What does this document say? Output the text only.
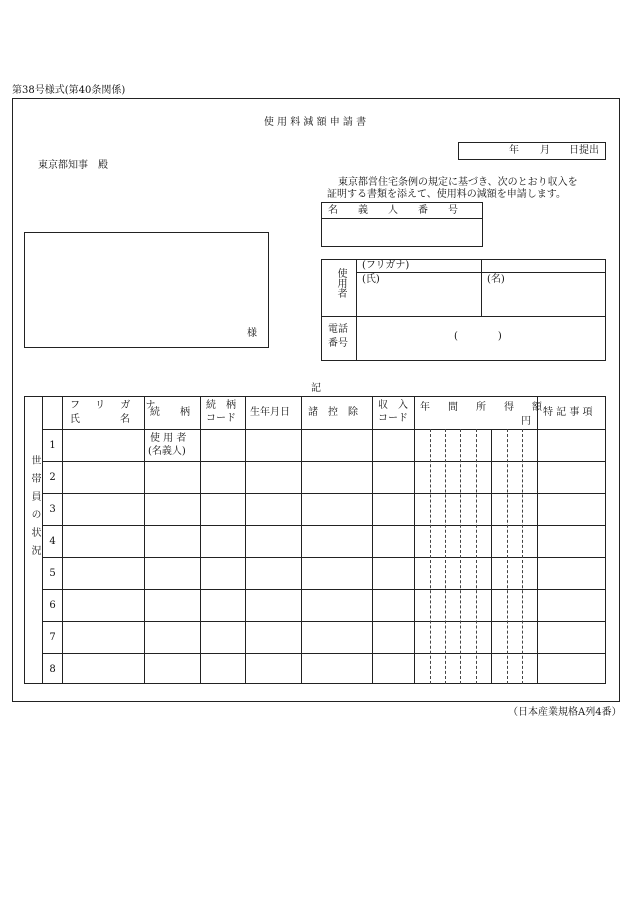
第38号様式(第40条関係)
使 用 料 減 額 申 請 書
年 月 日提出
東京都知事　殿
東京都営住宅条例の規定に基づき、次のとおり収入を
証明する書類を添えて、使用料の減額を申請します。
名　　義　　人　　番　　号
様
使用者
(フリガナ)
(氏)	(名)
電話
番号
(　　　　)
記
世帯員の状況
フ リ ガ ナ
氏　　　　名
続　　柄
続　柄
コード
生年月日 諸　控　除
収　入
コード
年　間　所　得　額
円
特 記 事 項
1
2
3
4
5
6
7
8
使 用 者
(名義人)
（日本産業規格A列4番）
